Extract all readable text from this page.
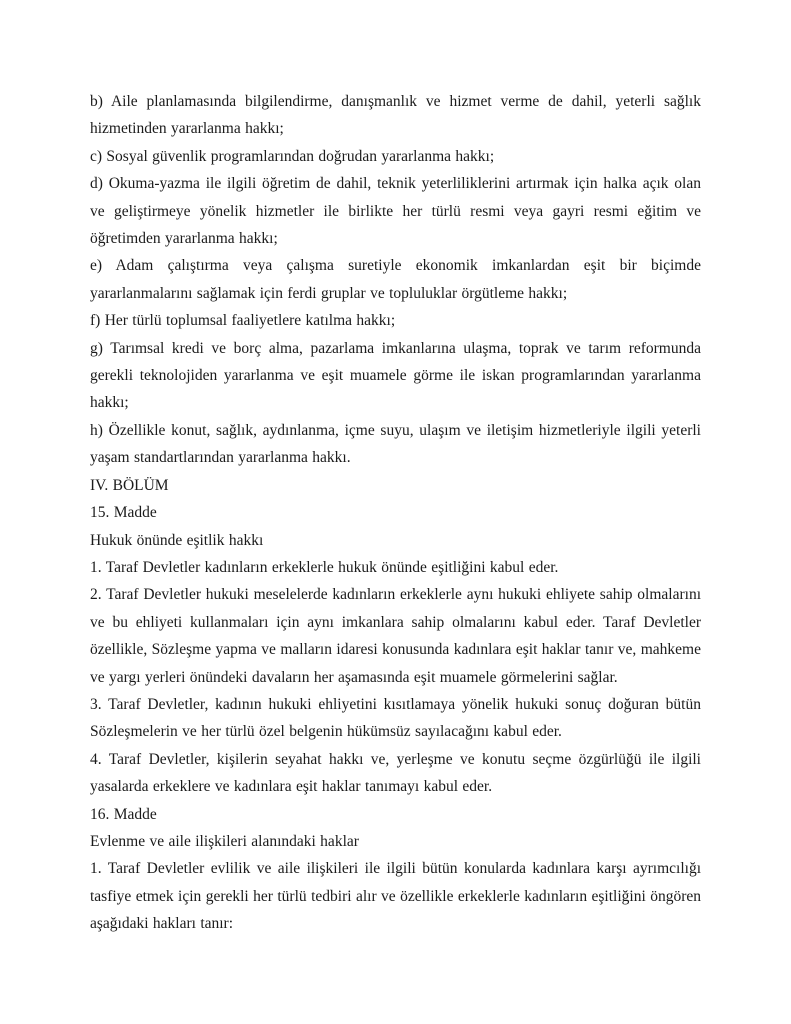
b) Aile planlamasında bilgilendirme, danışmanlık ve hizmet verme de dahil, yeterli sağlık hizmetinden yararlanma hakkı;

c) Sosyal güvenlik programlarından doğrudan yararlanma hakkı;

d) Okuma-yazma ile ilgili öğretim de dahil, teknik yeterliliklerini artırmak için halka açık olan ve geliştirmeye yönelik hizmetler ile birlikte her türlü resmi veya gayri resmi eğitim ve öğretimden yararlanma hakkı;

e) Adam çalıştırma veya çalışma suretiyle ekonomik imkanlardan eşit bir biçimde yararlanmalarını sağlamak için ferdi gruplar ve topluluklar örgütleme hakkı;

f) Her türlü toplumsal faaliyetlere katılma hakkı;

g) Tarımsal kredi ve borç alma, pazarlama imkanlarına ulaşma, toprak ve tarım reformunda gerekli teknolojiden yararlanma ve eşit muamele görme ile iskan programlarından yararlanma hakkı;

h) Özellikle konut, sağlık, aydınlanma, içme suyu, ulaşım ve iletişim hizmetleriyle ilgili yeterli yaşam standartlarından yararlanma hakkı.

IV. BÖLÜM

15. Madde

Hukuk önünde eşitlik hakkı

1. Taraf Devletler kadınların erkeklerle hukuk önünde eşitliğini kabul eder.

2. Taraf Devletler hukuki meselelerde kadınların erkeklerle aynı hukuki ehliyete sahip olmalarını ve bu ehliyeti kullanmaları için aynı imkanlara sahip olmalarını kabul eder. Taraf Devletler özellikle, Sözleşme yapma ve malların idaresi konusunda kadınlara eşit haklar tanır ve, mahkeme ve yargı yerleri önündeki davaların her aşamasında eşit muamele görmelerini sağlar.

3. Taraf Devletler, kadının hukuki ehliyetini kısıtlamaya yönelik hukuki sonuç doğuran bütün Sözleşmelerin ve her türlü özel belgenin hükümsüz sayılacağını kabul eder.

4. Taraf Devletler, kişilerin seyahat hakkı ve, yerleşme ve konutu seçme özgürlüğü ile ilgili yasalarda erkeklere ve kadınlara eşit haklar tanımayı kabul eder.

16. Madde

Evlenme ve aile ilişkileri alanındaki haklar

1. Taraf Devletler evlilik ve aile ilişkileri ile ilgili bütün konularda kadınlara karşı ayrımcılığı tasfiye etmek için gerekli her türlü tedbiri alır ve özellikle erkeklerle kadınların eşitliğini öngören aşağıdaki hakları tanır:
